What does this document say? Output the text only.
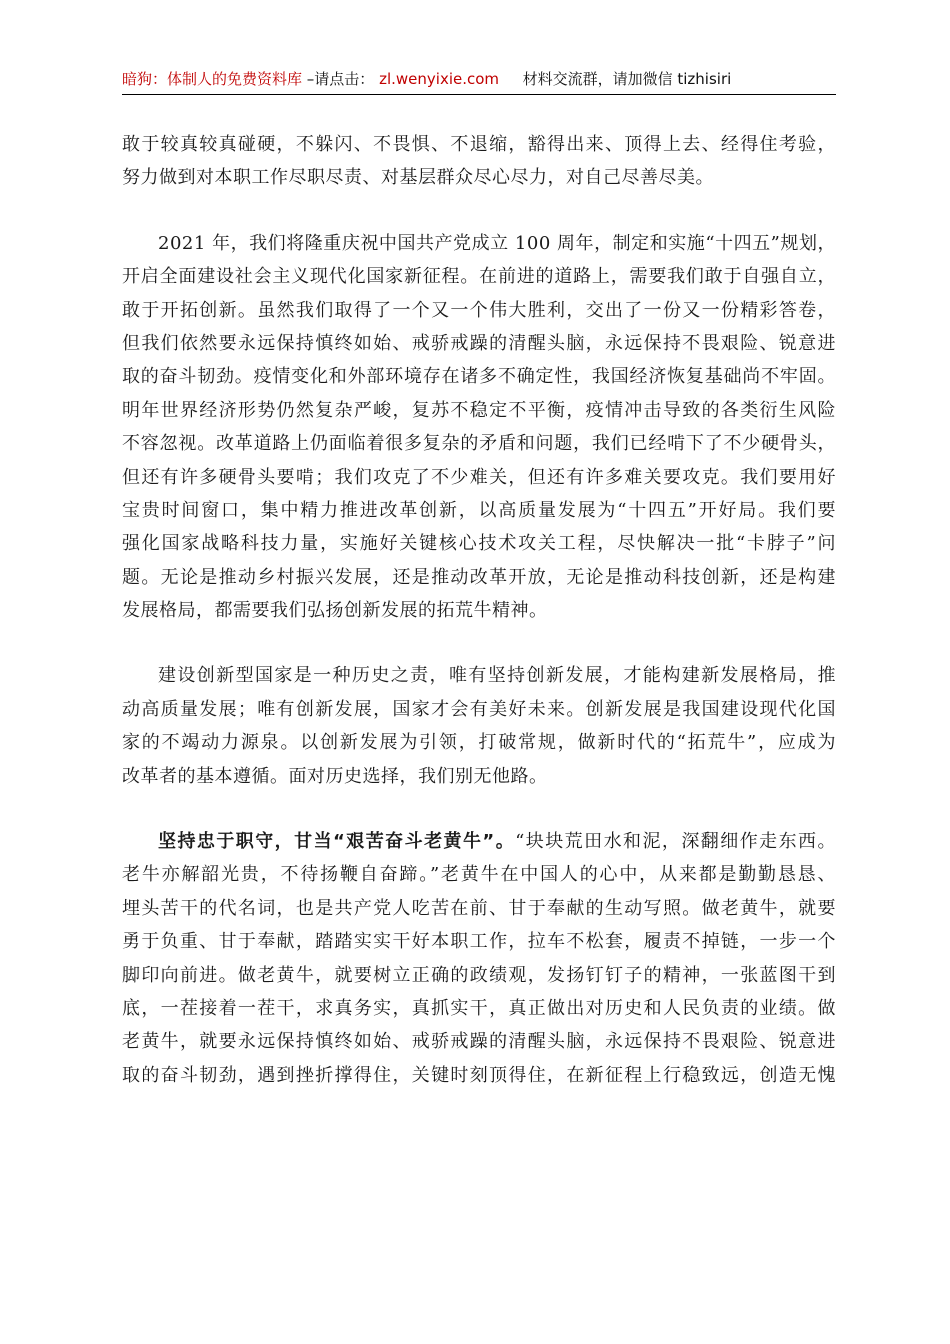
暗狗：体制人的免费资料库 –请点击： zl.wenyixie.com 材料交流群，请加微信 tizhisiri
敢于较真较真碰硬，不躲闪、不畏惧、不退缩，豁得出来、顶得上去、经得住考验，
努力做到对本职工作尽职尽责、对基层群众尽心尽力，对自己尽善尽美。
2021 年，我们将隆重庆祝中国共产党成立 100 周年，制定和实施“十四五”规划，
开启全面建设社会主义现代化国家新征程。在前进的道路上，需要我们敢于自强自立，
敢于开拓创新。虽然我们取得了一个又一个伟大胜利，交出了一份又一份精彩答卷，
但我们依然要永远保持慎终如始、戒骄戒躁的清醒头脑，永远保持不畏艰险、锐意进
取的奋斗韧劲。疫情变化和外部环境存在诸多不确定性，我国经济恢复基础尚不牢固。
明年世界经济形势仍然复杂严峻，复苏不稳定不平衡，疫情冲击导致的各类衍生风险
不容忽视。改革道路上仍面临着很多复杂的矛盾和问题，我们已经啃下了不少硬骨头，
但还有许多硬骨头要啃；我们攻克了不少难关，但还有许多难关要攻克。我们要用好
宝贵时间窗口，集中精力推进改革创新，以高质量发展为“十四五”开好局。我们要
强化国家战略科技力量，实施好关键核心技术攻关工程，尽快解决一批“卡脖子”问
题。无论是推动乡村振兴发展，还是推动改革开放，无论是推动科技创新，还是构建
发展格局，都需要我们弘扬创新发展的拓荒牛精神。
建设创新型国家是一种历史之责，唯有坚持创新发展，才能构建新发展格局，推
动高质量发展；唯有创新发展，国家才会有美好未来。创新发展是我国建设现代化国
家的不竭动力源泉。以创新发展为引领，打破常规，做新时代的“拓荒牛”，应成为
改革者的基本遵循。面对历史选择，我们别无他路。
坚持忠于职守，甘当“艰苦奋斗老黄牛”。“块块荒田水和泥，深翻细作走东西。
老牛亦解韶光贵，不待扬鞭自奋蹄。”老黄牛在中国人的心中，从来都是勤勤恳恳、
埋头苦干的代名词，也是共产党人吃苦在前、甘于奉献的生动写照。做老黄牛，就要
勇于负重、甘于奉献，踏踏实实干好本职工作，拉车不松套，履责不掉链，一步一个
脚印向前进。做老黄牛，就要树立正确的政绩观，发扬钉钉子的精神，一张蓝图干到
底，一茬接着一茬干，求真务实，真抓实干，真正做出对历史和人民负责的业绩。做
老黄牛，就要永远保持慎终如始、戒骄戒躁的清醒头脑，永远保持不畏艰险、锐意进
取的奋斗韧劲，遇到挫折撑得住，关键时刻顶得住，在新征程上行稳致远，创造无愧
